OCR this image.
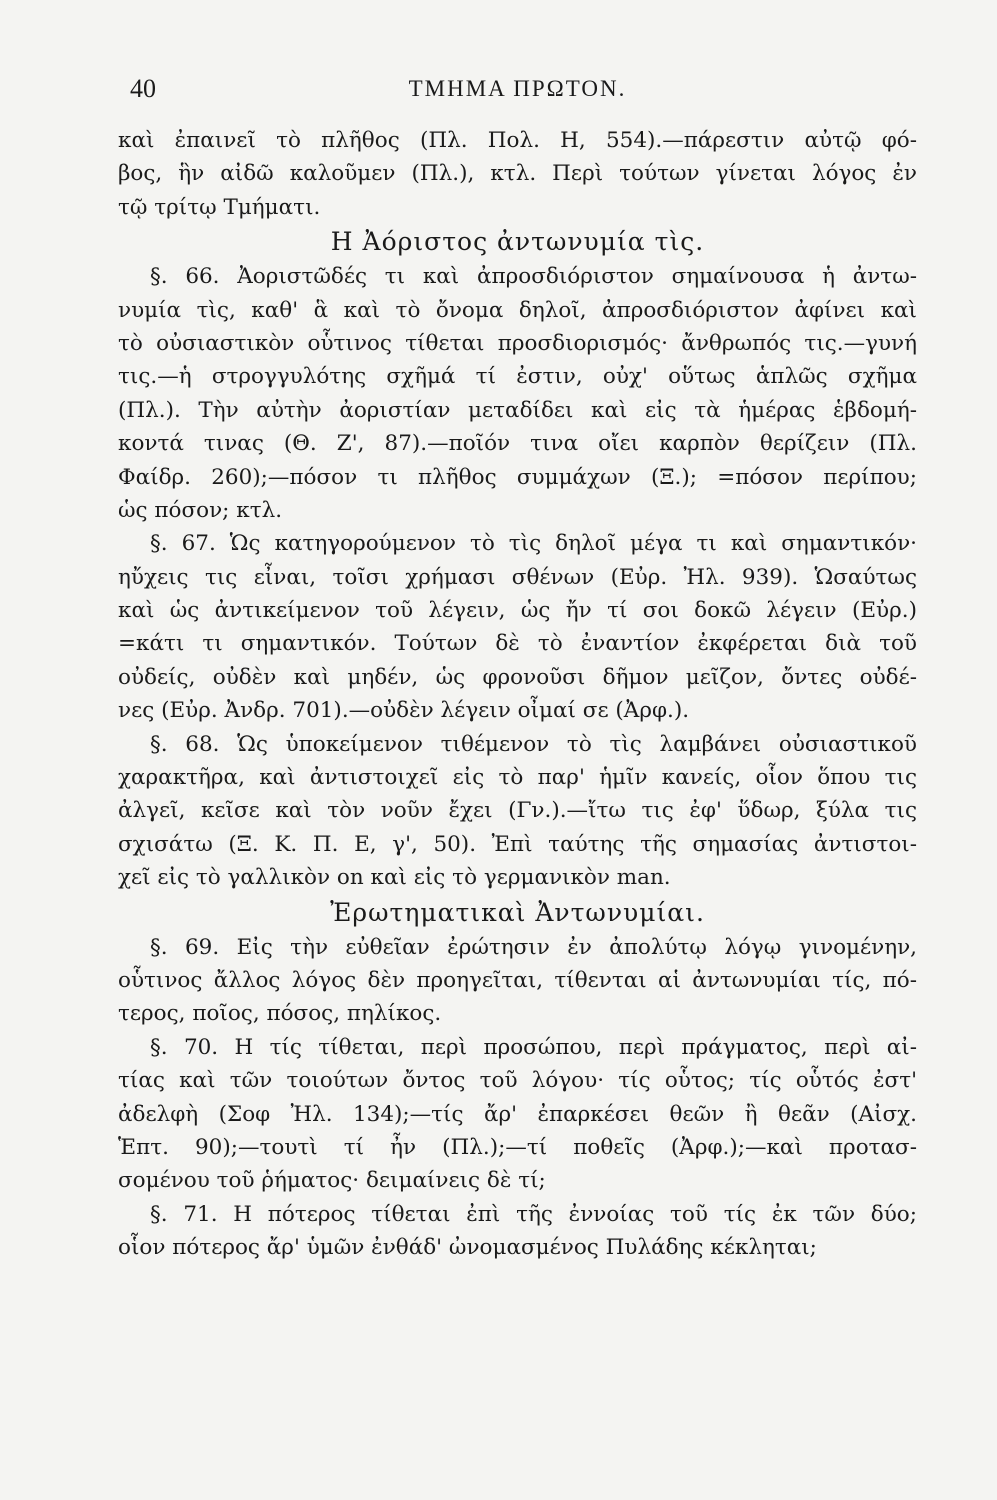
40	ΤΜΗΜΑ ΠΡΩΤΟΝ.
καὶ ἐπαινεῖ τὸ πλῆθος (Πλ. Πολ. Η, 554).—πάρεστιν αὐτῷ φό-
βος, ἣν αἰδῶ καλοῦμεν (Πλ.), κτλ. Περὶ τούτων γίνεται λόγος ἐν
τῷ τρίτῳ Τμήματι.
Η Ἀόριστος ἀντωνυμία τὶς.
§. 66. Ἀοριστῶδές τι καὶ ἀπροσδιόριστον σημαίνουσα ἡ ἀντω-
νυμία τὶς, καθ' ἃ καὶ τὸ ὄνομα δηλοῖ, ἀπροσδιόριστον ἀφίνει καὶ
τὸ οὐσιαστικὸν οὗτινος τίθεται προσδιορισμός· ἄνθρωπός τις.—γυνή
τις.—ἡ στρογγυλότης σχῆμά τί ἐστιν, οὐχ' οὕτως ἁπλῶς σχῆμα
(Πλ.). Τὴν αὐτὴν ἀοριστίαν μεταδίδει καὶ εἰς τὰ ἡμέρας ἑβδομή-
κοντά τινας (Θ. Ζ', 87).—ποῖόν τινα οἴει καρπὸν θερίζειν (Πλ.
Φαίδρ. 260);—πόσον τι πλῆθος συμμάχων (Ξ.); =πόσον περίπου;
ὡς πόσον; κτλ.
§. 67. Ὡς κατηγορούμενον τὸ τὶς δηλοῖ μέγα τι καὶ σημαντικόν·
ηὔχεις τις εἶναι, τοῖσι χρήμασι σθένων (Εὐρ. Ἠλ. 939). Ὡσαύτως
καὶ ὡς ἀντικείμενον τοῦ λέγειν, ὡς ἤν τί σοι δοκῶ λέγειν (Εὐρ.)
=κάτι τι σημαντικόν. Τούτων δὲ τὸ ἐναντίον ἐκφέρεται διὰ τοῦ
οὐδείς, οὐδὲν καὶ μηδέν, ὡς φρονοῦσι δῆμον μεῖζον, ὄντες οὐδέ-
νες (Εὐρ. Ἀνδρ. 701).—οὐδὲν λέγειν οἶμαί σε (Ἀρφ.).
§. 68. Ὡς ὑποκείμενον τιθέμενον τὸ τὶς λαμβάνει οὐσιαστικοῦ
χαρακτῆρα, καὶ ἀντιστοιχεῖ εἰς τὸ παρ' ἡμῖν κανείς, οἷον ὅπου τις
ἀλγεῖ, κεῖσε καὶ τὸν νοῦν ἔχει (Γν.).—ἴτω τις ἐφ' ὕδωρ, ξύλα τις
σχισάτω (Ξ. Κ. Π. Ε, γ', 50). Ἐπὶ ταύτης τῆς σημασίας ἀντιστοι-
χεῖ εἰς τὸ γαλλικὸν on καὶ εἰς τὸ γερμανικὸν man.
Ἐρωτηματικαὶ Ἀντωνυμίαι.
§. 69. Εἰς τὴν εὐθεῖαν ἐρώτησιν ἐν ἀπολύτῳ λόγῳ γινομένην,
οὗτινος ἄλλος λόγος δὲν προηγεῖται, τίθενται αἱ ἀντωνυμίαι τίς, πό-
τερος, ποῖος, πόσος, πηλίκος.
§. 70. Η τίς τίθεται, περὶ προσώπου, περὶ πράγματος, περὶ αἰ-
τίας καὶ τῶν τοιούτων ὄντος τοῦ λόγου· τίς οὗτος; τίς οὗτός ἐστ'
ἀδελφὴ (Σοφ Ἠλ. 134);—τίς ἄρ' ἐπαρκέσει θεῶν ἢ θεᾶν (Αἰσχ.
Ἑπτ. 90);—τουτὶ τί ἦν (Πλ.);—τί ποθεῖς (Ἀρφ.);—καὶ προτασ-
σομένου τοῦ ῥήματος· δειμαίνεις δὲ τί;
§. 71. Η πότερος τίθεται ἐπὶ τῆς ἐννοίας τοῦ τίς ἐκ τῶν δύο;
οἷον πότερος ἄρ' ὑμῶν ἐνθάδ' ὠνομασμένος Πυλάδης κέκληται;
